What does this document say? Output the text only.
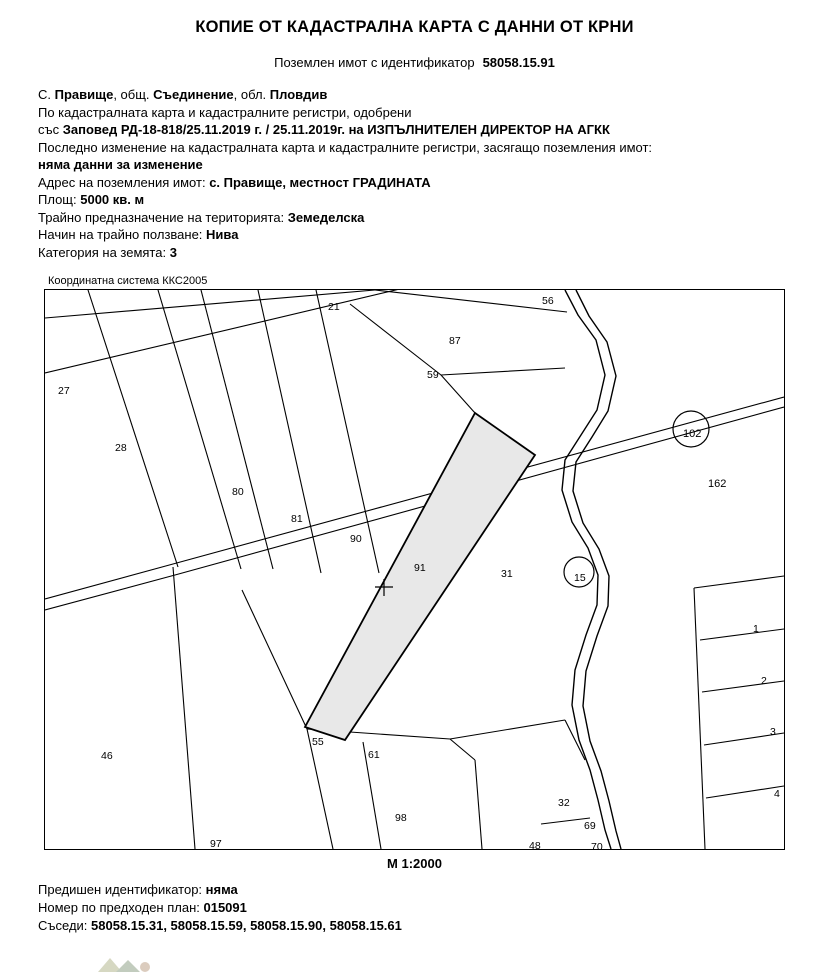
КОПИЕ ОТ КАДАСТРАЛНА КАРТА С ДАННИ ОТ КРНИ
Поземлен имот с идентификатор 58058.15.91
С. Правище, общ. Съединение, обл. Пловдив
По кадастралната карта и кадастралните регистри, одобрени
със Заповед РД-18-818/25.11.2019 г. / 25.11.2019г. на ИЗПЪЛНИТЕЛЕН ДИРЕКТОР НА АГКК
Последно изменение на кадастралната карта и кадастралните регистри, засягащо поземления имот:
няма данни за изменение
Адрес на поземления имот: с. Правище, местност ГРАДИНАТА
Площ: 5000 кв. м
Трайно предназначение на територията: Земеделска
Начин на трайно ползване: Нива
Категория на земята: 3
Координатна система ККС2005
21	56
87
27
59
102
28
162
80
81
90
91	31	15
1
2
3
46
4
55
61
32
98
69
97	48	70
М 1:2000
Предишен идентификатор: няма
Номер по предходен план: 015091
Съседи: 58058.15.31, 58058.15.59, 58058.15.90, 58058.15.61
